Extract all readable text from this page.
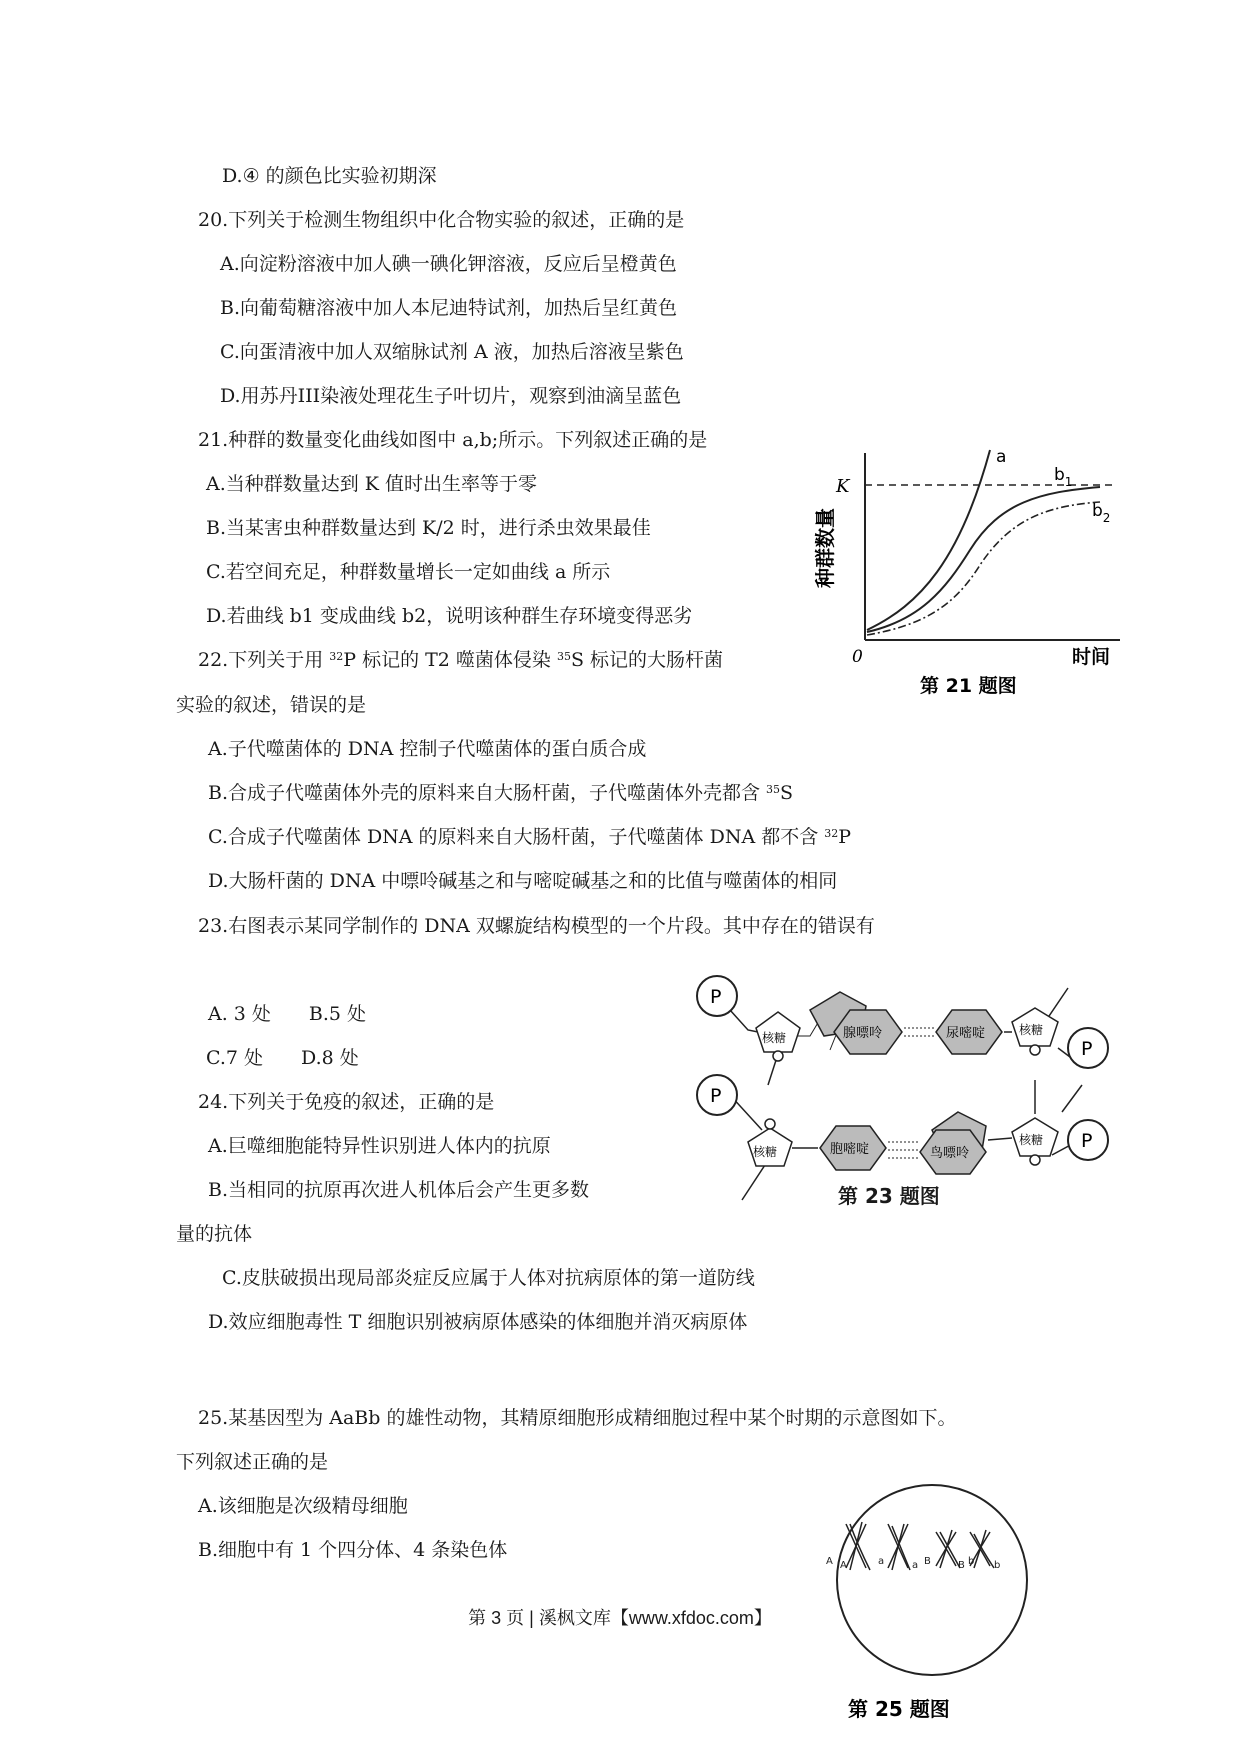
D.④ 的颜色比实验初期深
20.下列关于检测生物组织中化合物实验的叙述，正确的是
A.向淀粉溶液中加人碘一碘化钾溶液，反应后呈橙黄色
B.向葡萄糖溶液中加人本尼迪特试剂，加热后呈红黄色
C.向蛋清液中加人双缩脉试剂 A 液，加热后溶液呈紫色
D.用苏丹III染液处理花生子叶切片，观察到油滴呈蓝色
21.种群的数量变化曲线如图中 a,b;所示。下列叙述正确的是
A.当种群数量达到 K 值时出生率等于零
B.当某害虫种群数量达到 K/2 时，进行杀虫效果最佳
C.若空间充足，种群数量增长一定如曲线 a 所示
D.若曲线 b1 变成曲线 b2，说明该种群生存环境变得恶劣
22.下列关于用 $^{32}$P 标记的 T2 噬菌体侵染 $^{35}$S 标记的大肠杆菌
实验的叙述，错误的是
A.子代噬菌体的 DNA 控制子代噬菌体的蛋白质合成
B.合成子代噬菌体外壳的原料来自大肠杆菌，子代噬菌体外壳都含 $^{35}$S
C.合成子代噬菌体 DNA 的原料来自大肠杆菌，子代噬菌体 DNA 都不含 $^{32}$P
D.大肠杆菌的 DNA 中嘌呤碱基之和与嘧啶碱基之和的比值与噬菌体的相同
23.右图表示某同学制作的 DNA 双螺旋结构模型的一个片段。其中存在的错误有
A. 3 处　　B.5 处
C.7 处　　D.8 处
24.下列关于免疫的叙述，正确的是
A.巨噬细胞能特异性识别进人体内的抗原
B.当相同的抗原再次进人机体后会产生更多数
量的抗体
C.皮肤破损出现局部炎症反应属于人体对抗病原体的第一道防线
D.效应细胞毒性 T 细胞识别被病原体感染的体细胞并消灭病原体
25.某基因型为 AaBb 的雄性动物，其精原细胞形成精细胞过程中某个时期的示意图如下。
下列叙述正确的是
A.该细胞是次级精母细胞
B.细胞中有 1 个四分体、4 条染色体
K
0
a
$b_1$
$b_2$
种群数量
时间
第 21 题图
P
P
P
P
核糖	腺嘌呤	尿嘧啶	核糖
核糖	胞嘧啶	鸟嘌呤
核糖
第 23 题图
A A	a	a B	B b b
第 25 题图
第 3 页 | 溪枫文库【www.xfdoc.com】
